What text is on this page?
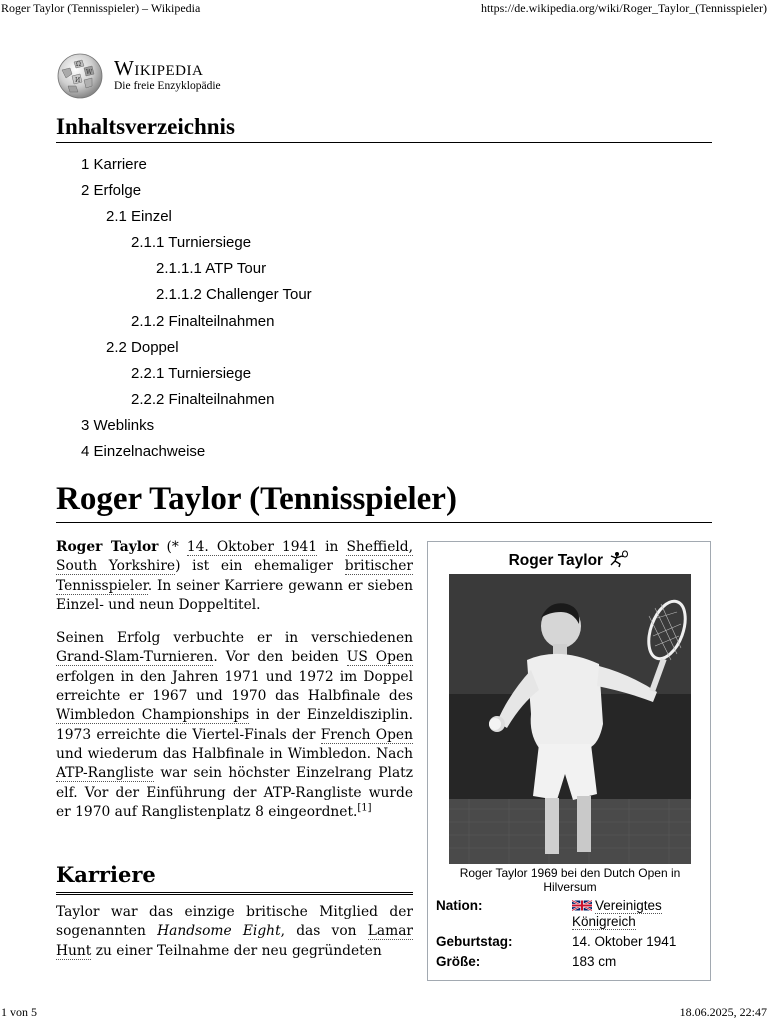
Roger Taylor (Tennisspieler) – Wikipedia	https://de.wikipedia.org/wiki/Roger_Taylor_(Tennisspieler)
Ω
W
И
Wikipedia
Die freie Enzyklopädie
Inhaltsverzeichnis
1 Karriere
2 Erfolge
2.1 Einzel
2.1.1 Turniersiege
2.1.1.1 ATP Tour
2.1.1.2 Challenger Tour
2.1.2 Finalteilnahmen
2.2 Doppel
2.2.1 Turniersiege
2.2.2 Finalteilnahmen
3 Weblinks
4 Einzelnachweise
Roger Taylor (Tennisspieler)

Roger Taylor (* 14. Oktober 1941 in Sheffield, South Yorkshire) ist ein ehemaliger britischer Tennisspieler. In seiner Karriere gewann er sieben Einzel- und neun Doppeltitel.

Seinen Erfolg verbuchte er in verschiedenen Grand-Slam-Turnieren. Vor den beiden US Open erfolgen in den Jahren 1971 und 1972 im Doppel erreichte er 1967 und 1970 das Halbfinale des Wimbledon Championships in der Einzeldisziplin. 1973 erreichte die Viertel-Finals der French Open und wiederum das Halbfinale in Wimbledon. Nach ATP-Rangliste war sein höchster Einzelrang Platz elf. Vor der Einführung der ATP-Rangliste wurde er 1970 auf Ranglistenplatz 8 eingeordnet.[1]

Karriere
Taylor war das einzige britische Mitglied der sogenannten Handsome Eight, das von Lamar Hunt zu einer Teilnahme der neu gegründeten
Roger Taylor
Roger Taylor 1969 bei den Dutch Open in Hilversum
Nation:	Vereinigtes Königreich
Geburtstag:	14. Oktober 1941
Größe:	183 cm
1 von 5	18.06.2025, 22:47
